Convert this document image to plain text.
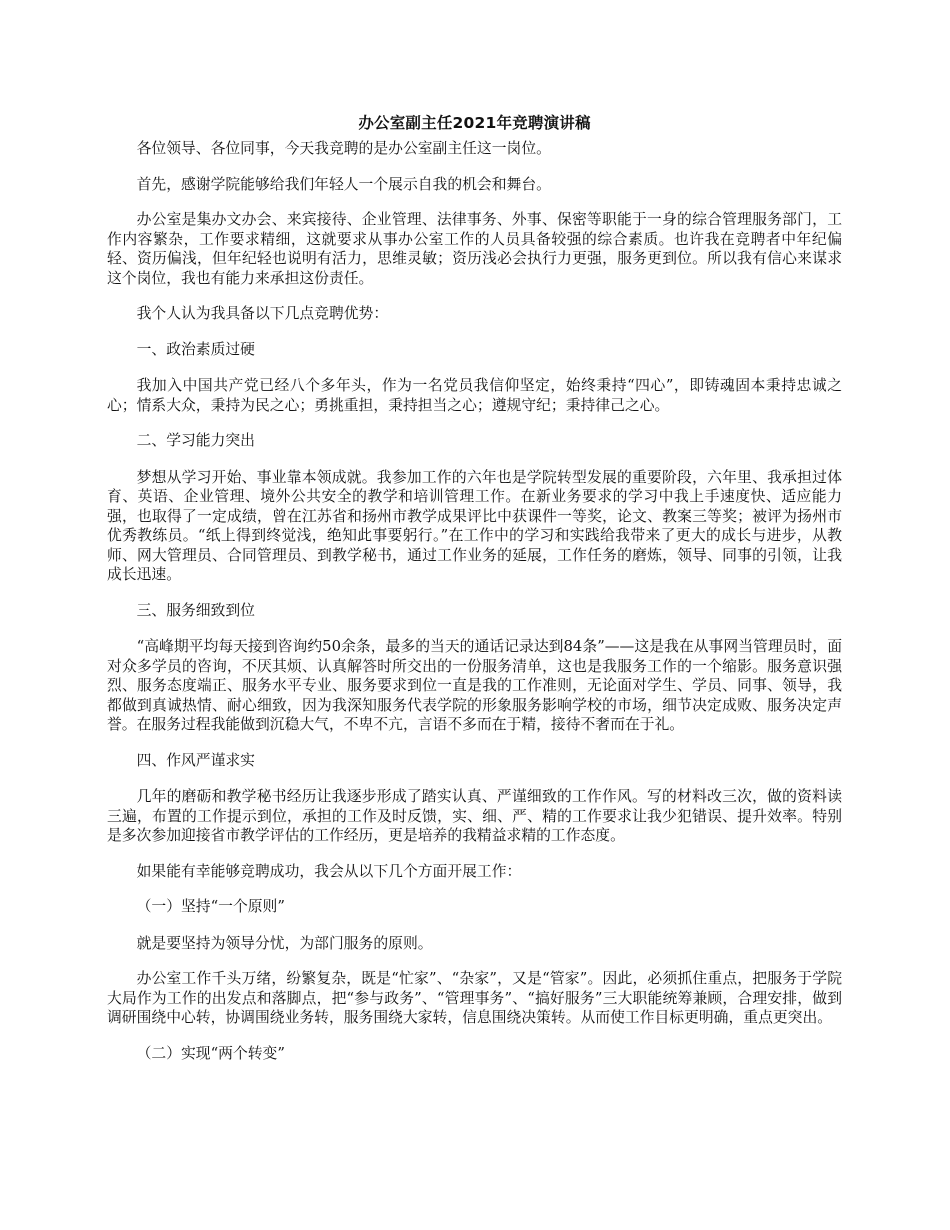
办公室副主任2021年竞聘演讲稿

各位领导、各位同事，今天我竞聘的是办公室副主任这一岗位。

首先，感谢学院能够给我们年轻人一个展示自我的机会和舞台。

办公室是集办文办会、来宾接待、企业管理、法律事务、外事、保密等职能于一身的综合管理服务部门，工作内容繁杂，工作要求精细，这就要求从事办公室工作的人员具备较强的综合素质。也许我在竞聘者中年纪偏轻、资历偏浅，但年纪轻也说明有活力，思维灵敏；资历浅必会执行力更强，服务更到位。所以我有信心来谋求这个岗位，我也有能力来承担这份责任。

我个人认为我具备以下几点竞聘优势：

一、政治素质过硬

我加入中国共产党已经八个多年头，作为一名党员我信仰坚定，始终秉持“四心”，即铸魂固本秉持忠诚之心；情系大众，秉持为民之心；勇挑重担，秉持担当之心；遵规守纪；秉持律己之心。

二、学习能力突出

梦想从学习开始、事业靠本领成就。我参加工作的六年也是学院转型发展的重要阶段，六年里、我承担过体育、英语、企业管理、境外公共安全的教学和培训管理工作。在新业务要求的学习中我上手速度快、适应能力强，也取得了一定成绩，曾在江苏省和扬州市教学成果评比中获课件一等奖，论文、教案三等奖；被评为扬州市优秀教练员。“纸上得到终觉浅，绝知此事要躬行。”在工作中的学习和实践给我带来了更大的成长与进步，从教师、网大管理员、合同管理员、到教学秘书，通过工作业务的延展，工作任务的磨炼，领导、同事的引领，让我成长迅速。

三、服务细致到位

“高峰期平均每天接到咨询约50余条，最多的当天的通话记录达到84条”——这是我在从事网当管理员时，面对众多学员的咨询，不厌其烦、认真解答时所交出的一份服务清单，这也是我服务工作的一个缩影。服务意识强烈、服务态度端正、服务水平专业、服务要求到位一直是我的工作准则，无论面对学生、学员、同事、领导，我都做到真诚热情、耐心细致，因为我深知服务代表学院的形象服务影响学校的市场，细节决定成败、服务决定声誉。在服务过程我能做到沉稳大气，不卑不亢，言语不多而在于精，接待不奢而在于礼。

四、作风严谨求实

几年的磨砺和教学秘书经历让我逐步形成了踏实认真、严谨细致的工作作风。写的材料改三次，做的资料读三遍，布置的工作提示到位，承担的工作及时反馈，实、细、严、精的工作要求让我少犯错误、提升效率。特别是多次参加迎接省市教学评估的工作经历，更是培养的我精益求精的工作态度。

如果能有幸能够竞聘成功，我会从以下几个方面开展工作：

（一）坚持“一个原则”

就是要坚持为领导分忧，为部门服务的原则。

办公室工作千头万绪，纷繁复杂，既是“忙家”、“杂家”，又是“管家”。因此，必须抓住重点，把服务于学院大局作为工作的出发点和落脚点，把“参与政务”、“管理事务”、“搞好服务”三大职能统筹兼顾，合理安排，做到调研围绕中心转，协调围绕业务转，服务围绕大家转，信息围绕决策转。从而使工作目标更明确，重点更突出。

（二）实现“两个转变”
